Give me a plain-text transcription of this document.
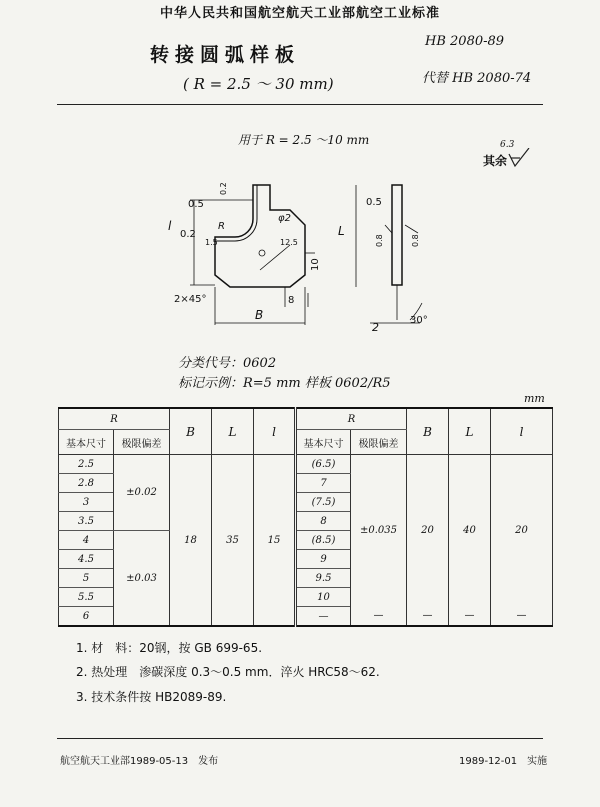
中华人民共和国航空航天工业部航空工业标准
转接圆弧样板
( R = 2.5 ～ 30 mm)
HB 2080-89
代替 HB 2080-74
用于 R = 2.5 ～10 mm
其余
6.3
l
0.5
0.2
0.2
R
1.5
φ2
12.5
L
10
2×45°	8
B
0.5
0.8	0.8
2
30°
分类代号：0602
标记示例：R=5 mm 样板 0602/R5
mm
R		B	L	l	R		B	L	l
基本尺寸	极限偏差				基本尺寸	极限偏差			
2.5	±0.02	18	35	15	(6.5)	±0.035	20	40	20
2.8					7				
3					(7.5)				
3.5					8				
4	±0.03				(8.5)				
4.5					9				
5					9.5				
5.5					10				
6					—	—	—	—	—
1. 材　料：20钢，按 GB 699-65.
2. 热处理　渗碳深度 0.3～0.5 mm．淬火 HRC58～62.
3. 技术条件按 HB2089-89.
航空航天工业部1989-05-13　发布	1989-12-01　实施
